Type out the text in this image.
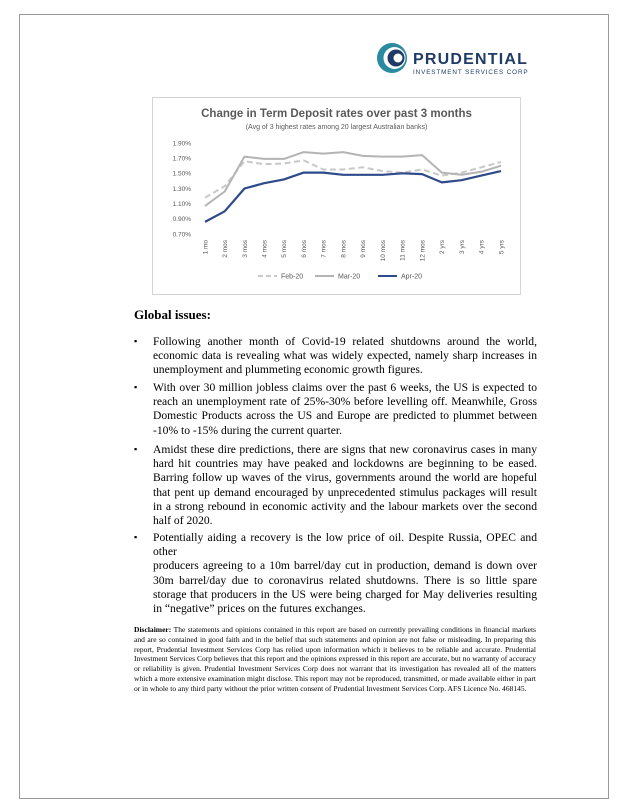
PRUDENTIAL
INVESTMENT SERVICES CORP
Change in Term Deposit rates over past 3 months
(Avg of 3 highest rates among 20 largest Australian banks)
1.90%
1.70%
1.50%
1.30%
1.10%
0.90%
0.70%
1 mo 2 mos 3 mos 4 mos 5 mos 6 mos 7 mos 8 mos 9 mos 10 mos 11 mos 12 mos 2 yrs 3 yrs 4 yrs 5 yrs
Feb-20	Mar-20	Apr-20
Global issues:
▪ Following another month of Covid-19 related shutdowns around the world,
economic data is revealing what was widely expected, namely sharp increases in
unemployment and plummeting economic growth figures.
▪ With over 30 million jobless claims over the past 6 weeks, the US is expected to
reach an unemployment rate of 25%-30% before levelling off. Meanwhile, Gross
Domestic Products across the US and Europe are predicted to plummet between
-10% to -15% during the current quarter.
▪ Amidst these dire predictions, there are signs that new coronavirus cases in many
hard hit countries may have peaked and lockdowns are beginning to be eased.
Barring follow up waves of the virus, governments around the world are hopeful
that pent up demand encouraged by unprecedented stimulus packages will result
in a strong rebound in economic activity and the labour markets over the second
half of 2020.
▪ Potentially aiding a recovery is the low price of oil. Despite Russia, OPEC and other
producers agreeing to a 10m barrel/day cut in production, demand is down over
30m barrel/day due to coronavirus related shutdowns. There is so little spare
storage that producers in the US were being charged for May deliveries resulting
in “negative” prices on the futures exchanges.
Disclaimer: The statements and opinions contained in this report are based on currently prevailing conditions in financial markets and are so contained in good faith and in the belief that such statements and opinion are not false or misleading. In preparing this report, Prudential Investment Services Corp has relied upon information which it believes to be reliable and accurate. Prudential Investment Services Corp believes that this report and the opinions expressed in this report are accurate, but no warranty of accuracy or reliability is given. Prudential Investment Services Corp does not warrant that its investigation has revealed all of the matters which a more extensive examination might disclose. This report may not be reproduced, transmitted, or made available either in part or in whole to any third party without the prior written consent of Prudential Investment Services Corp. AFS Licence No. 468145.
